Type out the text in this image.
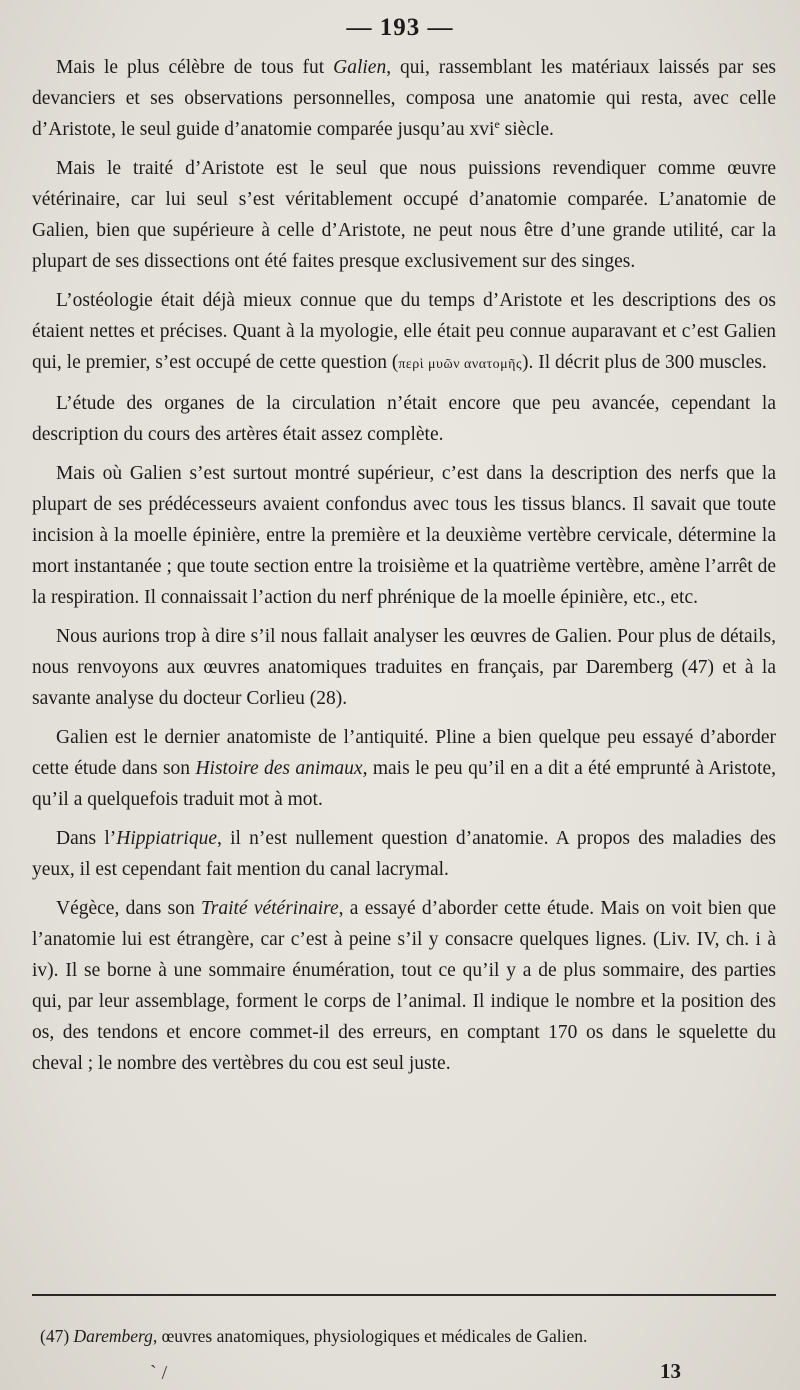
— 193 —

Mais le plus célèbre de tous fut Galien, qui, rassemblant les matériaux laissés par ses devanciers et ses observations personnelles, composa une anatomie qui resta, avec celle d’Aristote, le seul guide d’anatomie comparée jusqu’au xvi$^e$ siècle.

Mais le traité d’Aristote est le seul que nous puissions revendiquer comme œuvre vétérinaire, car lui seul s’est véritablement occupé d’anatomie comparée. L’anatomie de Galien, bien que supérieure à celle d’Aristote, ne peut nous être d’une grande utilité, car la plupart de ses dissections ont été faites presque exclusivement sur des singes.

L’ostéologie était déjà mieux connue que du temps d’Aristote et les descriptions des os étaient nettes et précises. Quant à la myologie, elle était peu connue auparavant et c’est Galien qui, le premier, s’est occupé de cette question (περὶ μυῶν ανατομῆς). Il décrit plus de 300 muscles.

L’étude des organes de la circulation n’était encore que peu avancée, cependant la description du cours des artères était assez complète.

Mais où Galien s’est surtout montré supérieur, c’est dans la description des nerfs que la plupart de ses prédécesseurs avaient confondus avec tous les tissus blancs. Il savait que toute incision à la moelle épinière, entre la première et la deuxième vertèbre cervicale, détermine la mort instantanée ; que toute section entre la troisième et la quatrième vertèbre, amène l’arrêt de la respiration. Il connaissait l’action du nerf phrénique de la moelle épinière, etc., etc.

Nous aurions trop à dire s’il nous fallait analyser les œuvres de Galien. Pour plus de détails, nous renvoyons aux œuvres anatomiques traduites en français, par Daremberg (47) et à la savante analyse du docteur Corlieu (28).

Galien est le dernier anatomiste de l’antiquité. Pline a bien quelque peu essayé d’aborder cette étude dans son Histoire des animaux, mais le peu qu’il en a dit a été emprunté à Aristote, qu’il a quelquefois traduit mot à mot.

Dans l’Hippiatrique, il n’est nullement question d’anatomie. A propos des maladies des yeux, il est cependant fait mention du canal lacrymal.

Végèce, dans son Traité vétérinaire, a essayé d’aborder cette étude. Mais on voit bien que l’anatomie lui est étrangère, car c’est à peine s’il y consacre quelques lignes. (Liv. IV, ch. i à iv). Il se borne à une sommaire énumération, tout ce qu’il y a de plus sommaire, des parties qui, par leur assemblage, forment le corps de l’animal. Il indique le nombre et la position des os, des tendons et encore commet-il des erreurs, en comptant 170 os dans le squelette du cheval ; le nombre des vertèbres du cou est seul juste.

(47) Daremberg, œuvres anatomiques, physiologiques et médicales de Galien.
` /	13
